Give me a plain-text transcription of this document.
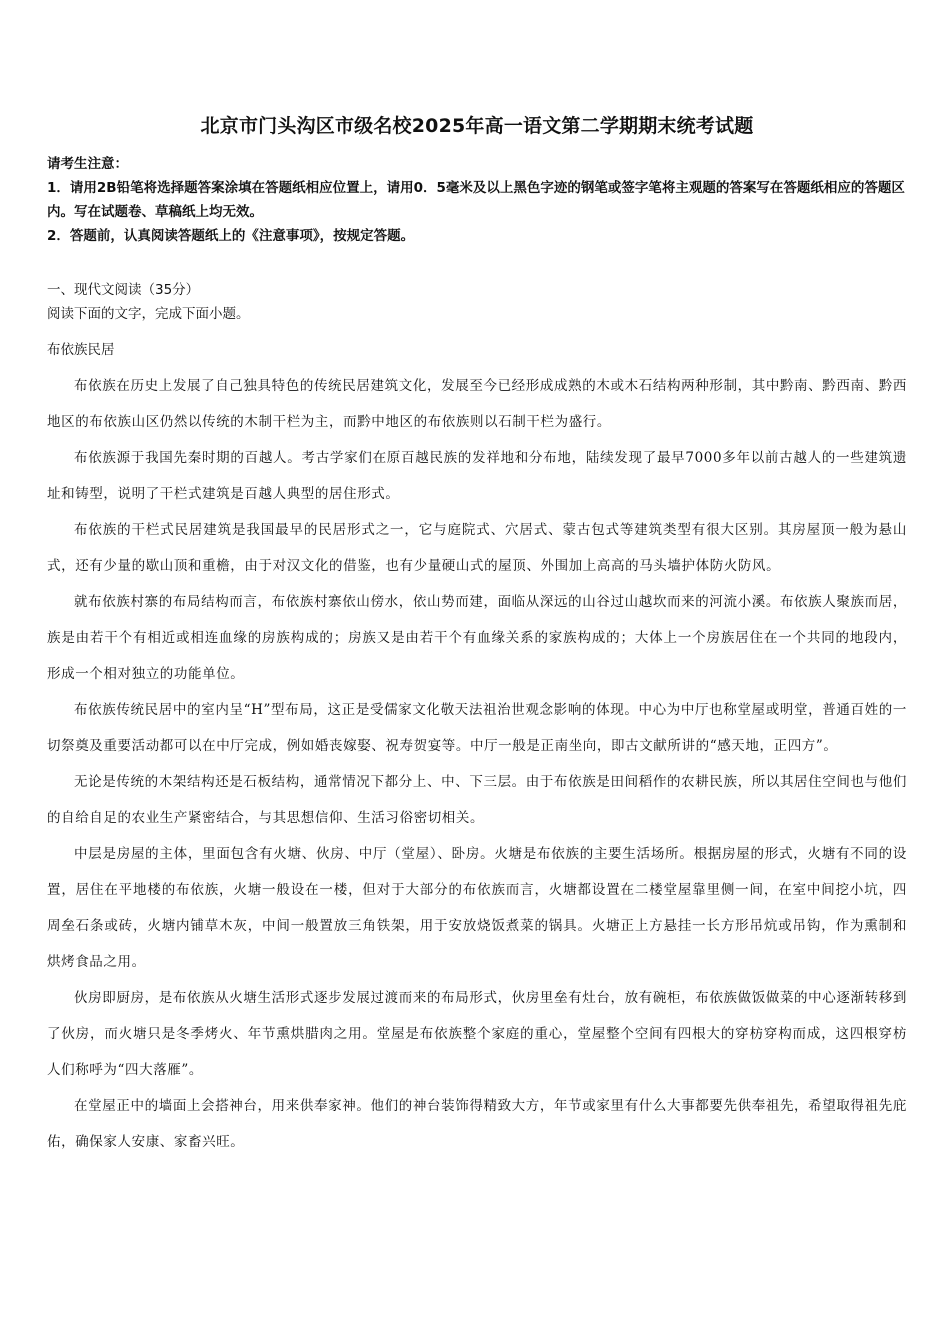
北京市门头沟区市级名校2025年高一语文第二学期期末统考试题

请考生注意：

1．请用2B铅笔将选择题答案涂填在答题纸相应位置上，请用0．5毫米及以上黑色字迹的钢笔或签字笔将主观题的答案写在答题纸相应的答题区内。写在试题卷、草稿纸上均无效。

2．答题前，认真阅读答题纸上的《注意事项》，按规定答题。

一、现代文阅读（35分）

阅读下面的文字，完成下面小题。

布依族民居

布依族在历史上发展了自己独具特色的传统民居建筑文化，发展至今已经形成成熟的木或木石结构两种形制，其中黔南、黔西南、黔西地区的布依族山区仍然以传统的木制干栏为主，而黔中地区的布依族则以石制干栏为盛行。

布依族源于我国先秦时期的百越人。考古学家们在原百越民族的发祥地和分布地，陆续发现了最早7000多年以前古越人的一些建筑遗址和铸型，说明了干栏式建筑是百越人典型的居住形式。

布依族的干栏式民居建筑是我国最早的民居形式之一，它与庭院式、穴居式、蒙古包式等建筑类型有很大区别。其房屋顶一般为悬山式，还有少量的歇山顶和重檐，由于对汉文化的借鉴，也有少量硬山式的屋顶、外围加上高高的马头墙护体防火防风。

就布依族村寨的布局结构而言，布依族村寨依山傍水，依山势而建，面临从深远的山谷过山越坎而来的河流小溪。布依族人聚族而居，族是由若干个有相近或相连血缘的房族构成的；房族又是由若干个有血缘关系的家族构成的；大体上一个房族居住在一个共同的地段内，形成一个相对独立的功能单位。

布依族传统民居中的室内呈“H”型布局，这正是受儒家文化敬天法祖治世观念影响的体现。中心为中厅也称堂屋或明堂，普通百姓的一切祭奠及重要活动都可以在中厅完成，例如婚丧嫁娶、祝寿贺宴等。中厅一般是正南坐向，即古文献所讲的“感天地，正四方”。

无论是传统的木架结构还是石板结构，通常情况下都分上、中、下三层。由于布依族是田间稻作的农耕民族，所以其居住空间也与他们的自给自足的农业生产紧密结合，与其思想信仰、生活习俗密切相关。

中层是房屋的主体，里面包含有火塘、伙房、中厅（堂屋）、卧房。火塘是布依族的主要生活场所。根据房屋的形式，火塘有不同的设置，居住在平地楼的布依族，火塘一般设在一楼，但对于大部分的布依族而言，火塘都设置在二楼堂屋靠里侧一间，在室中间挖小坑，四周垒石条或砖，火塘内铺草木灰，中间一般置放三角铁架，用于安放烧饭煮菜的锅具。火塘正上方悬挂一长方形吊炕或吊钩，作为熏制和烘烤食品之用。

伙房即厨房，是布依族从火塘生活形式逐步发展过渡而来的布局形式，伙房里垒有灶台，放有碗柜，布依族做饭做菜的中心逐渐转移到了伙房，而火塘只是冬季烤火、年节熏烘腊肉之用。堂屋是布依族整个家庭的重心，堂屋整个空间有四根大的穿枋穿构而成，这四根穿枋人们称呼为“四大落雁”。

在堂屋正中的墙面上会搭神台，用来供奉家神。他们的神台装饰得精致大方，年节或家里有什么大事都要先供奉祖先，希望取得祖先庇佑，确保家人安康、家畜兴旺。
